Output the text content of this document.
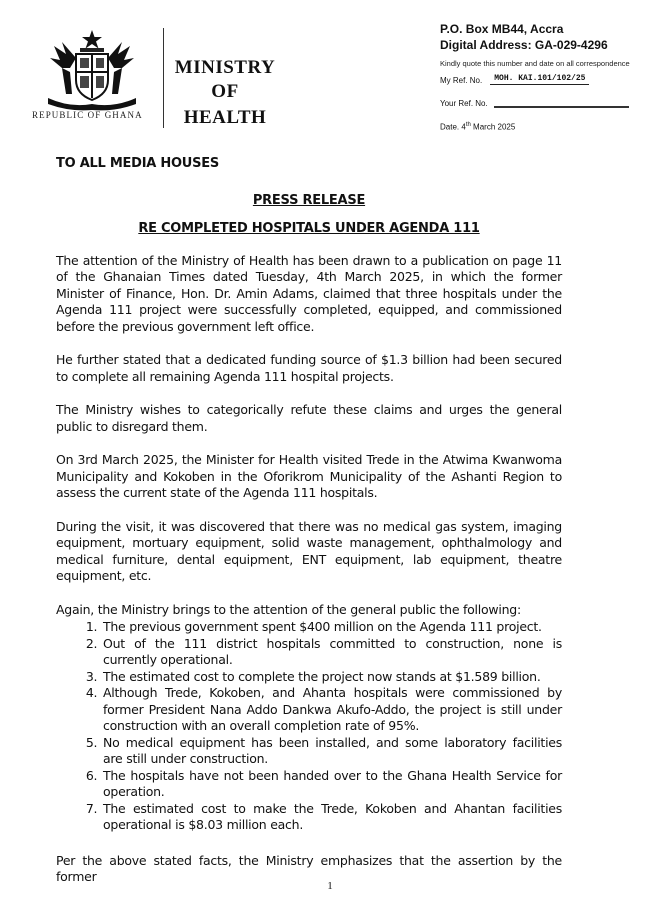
REPUBLIC OF GHANA
MINISTRY
OF
HEALTH
P.O. Box MB44, Accra
Digital Address: GA-029-4296
Kindly quote this number and date on all correspondence
My Ref. No.	MOH. KAI.101/102/25
Your Ref. No.
Date. 4th March 2025
TO ALL MEDIA HOUSES
PRESS RELEASE
RE COMPLETED HOSPITALS UNDER AGENDA 111

The attention of the Ministry of Health has been drawn to a publication on page 11 of the Ghanaian Times dated Tuesday, 4th March 2025, in which the former Minister of Finance, Hon. Dr. Amin Adams, claimed that three hospitals under the Agenda 111 project were successfully completed, equipped, and commissioned before the previous government left office.

He further stated that a dedicated funding source of $1.3 billion had been secured to complete all remaining Agenda 111 hospital projects.

The Ministry wishes to categorically refute these claims and urges the general public to disregard them.

On 3rd March 2025, the Minister for Health visited Trede in the Atwima Kwanwoma Municipality and Kokoben in the Oforikrom Municipality of the Ashanti Region to assess the current state of the Agenda 111 hospitals.

During the visit, it was discovered that there was no medical gas system, imaging equipment, mortuary equipment, solid waste management, ophthalmology and medical furniture, dental equipment, ENT equipment, lab equipment, theatre equipment, etc.

Again, the Ministry brings to the attention of the general public the following:

1. The previous government spent $400 million on the Agenda 111 project.
2. Out of the 111 district hospitals committed to construction, none is currently operational.
3. The estimated cost to complete the project now stands at $1.589 billion.
4. Although Trede, Kokoben, and Ahanta hospitals were commissioned by former President Nana Addo Dankwa Akufo-Addo, the project is still under construction with an overall completion rate of 95%.
5. No medical equipment has been installed, and some laboratory facilities are still under construction.
6. The hospitals have not been handed over to the Ghana Health Service for operation.
7. The estimated cost to make the Trede, Kokoben and Ahantan facilities operational is $8.03 million each.

Per the above stated facts, the Ministry emphasizes that the assertion by the former

1
